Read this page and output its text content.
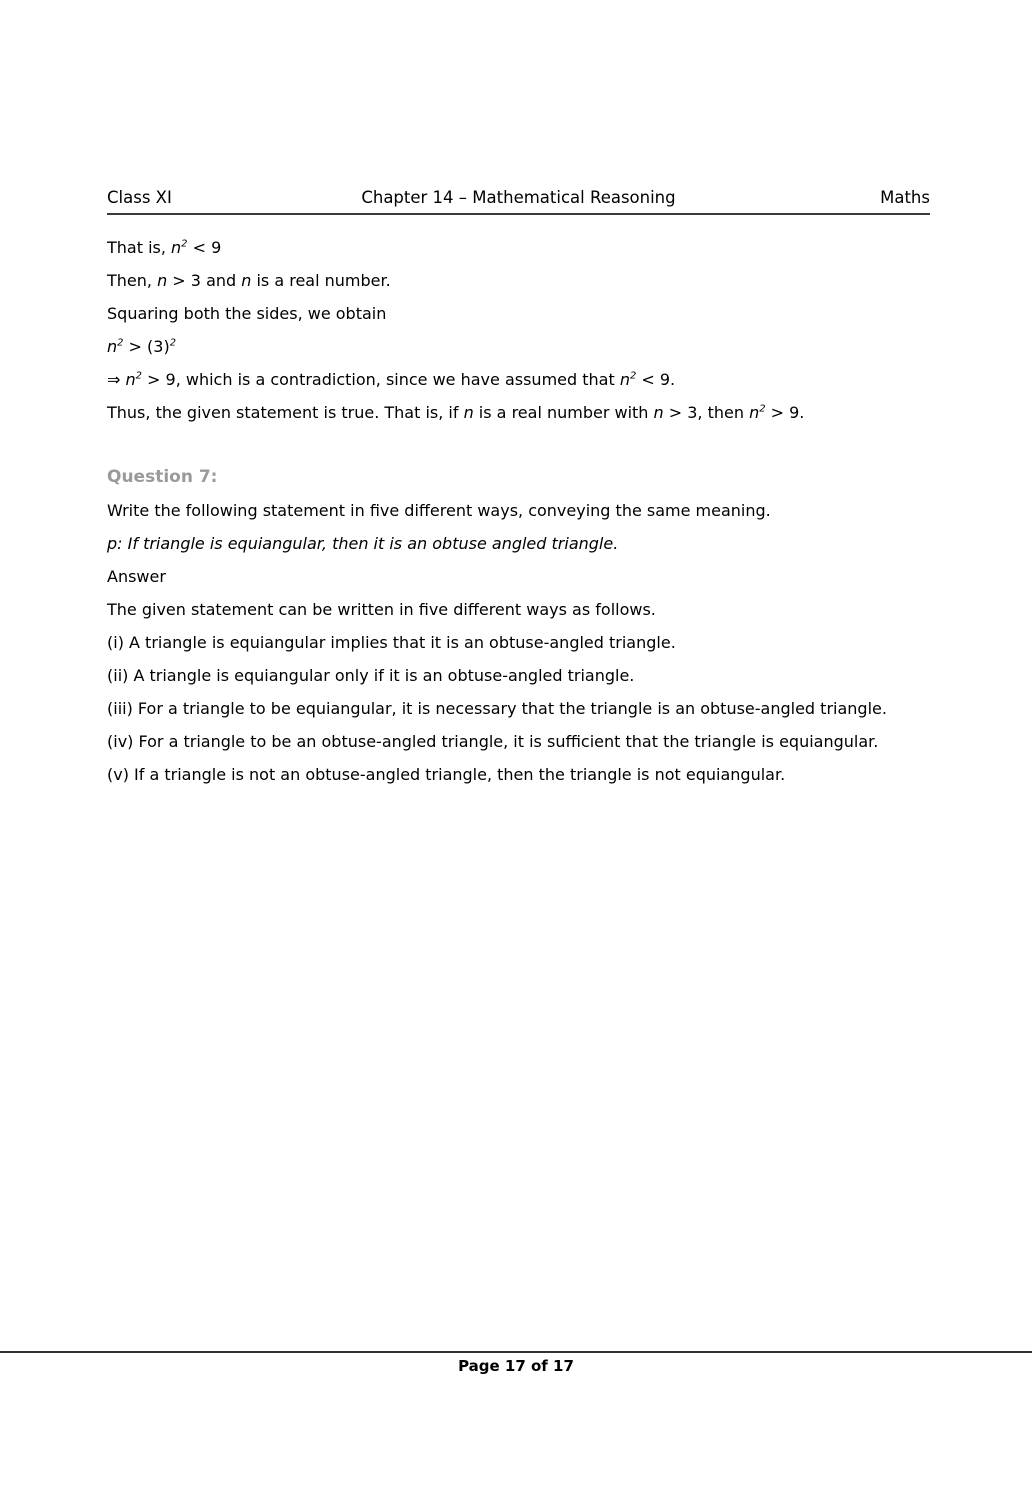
Class XI	Chapter 14 – Mathematical Reasoning	Maths

That is, $n^2 < 9$

Then, n > 3 and n is a real number.

Squaring both the sides, we obtain

$n^2 > (3)^2$

⇒ $n^2 > 9$, which is a contradiction, since we have assumed that $n^2 < 9$.

Thus, the given statement is true. That is, if n is a real number with n > 3, then $n^2 > 9$.

Question 7:

Write the following statement in five different ways, conveying the same meaning.

p: If triangle is equiangular, then it is an obtuse angled triangle.

Answer

The given statement can be written in five different ways as follows.

(i) A triangle is equiangular implies that it is an obtuse-angled triangle.

(ii) A triangle is equiangular only if it is an obtuse-angled triangle.

(iii) For a triangle to be equiangular, it is necessary that the triangle is an obtuse-angled triangle.

(iv) For a triangle to be an obtuse-angled triangle, it is sufficient that the triangle is equiangular.

(v) If a triangle is not an obtuse-angled triangle, then the triangle is not equiangular.

Page 17 of 17
